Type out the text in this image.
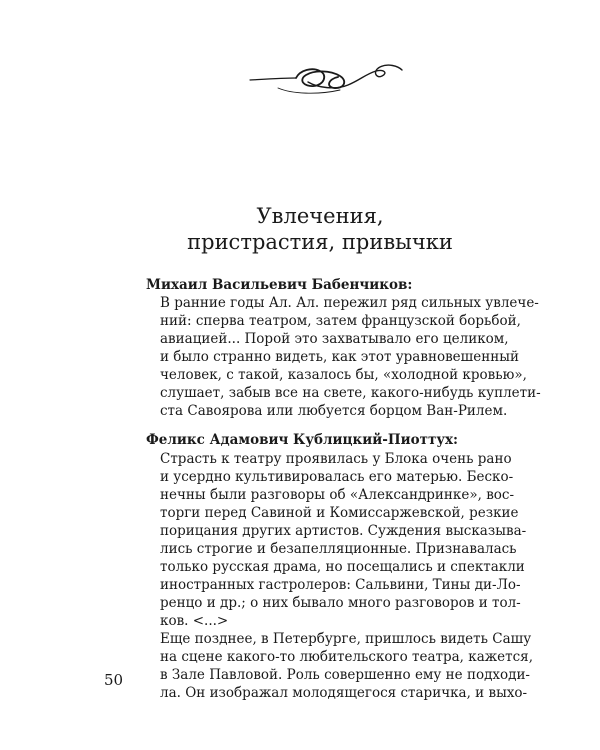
Увлечения,
пристрастия, привычки
Михаил Васильевич Бабенчиков:
В ранние годы Ал. Ал. пережил ряд сильных увлече-
ний: сперва театром, затем французской борьбой,
авиацией... Порой это захватывало его целиком,
и было странно видеть, как этот уравновешенный
человек, с такой, казалось бы, «холодной кровью»,
слушает, забыв все на свете, какого-нибудь куплети-
ста Савоярова или любуется борцом Ван-Рилем.
Феликс Адамович Кублицкий-Пиоттух:
Страсть к театру проявилась у Блока очень рано
и усердно культивировалась его матерью. Беско-
нечны были разговоры об «Александринке», вос-
торги перед Савиной и Комиссаржевской, резкие
порицания других артистов. Суждения высказыва-
лись строгие и безапелляционные. Признавалась
только русская драма, но посещались и спектакли
иностранных гастролеров: Сальвини, Тины ди-Ло-
ренцо и др.; о них бывало много разговоров и тол-
ков. <...>
Еще позднее, в Петербурге, пришлось видеть Сашу
на сцене какого-то любительского театра, кажется,
в Зале Павловой. Роль совершенно ему не подходи-
ла. Он изображал молодящегося старичка, и выхо-
50
